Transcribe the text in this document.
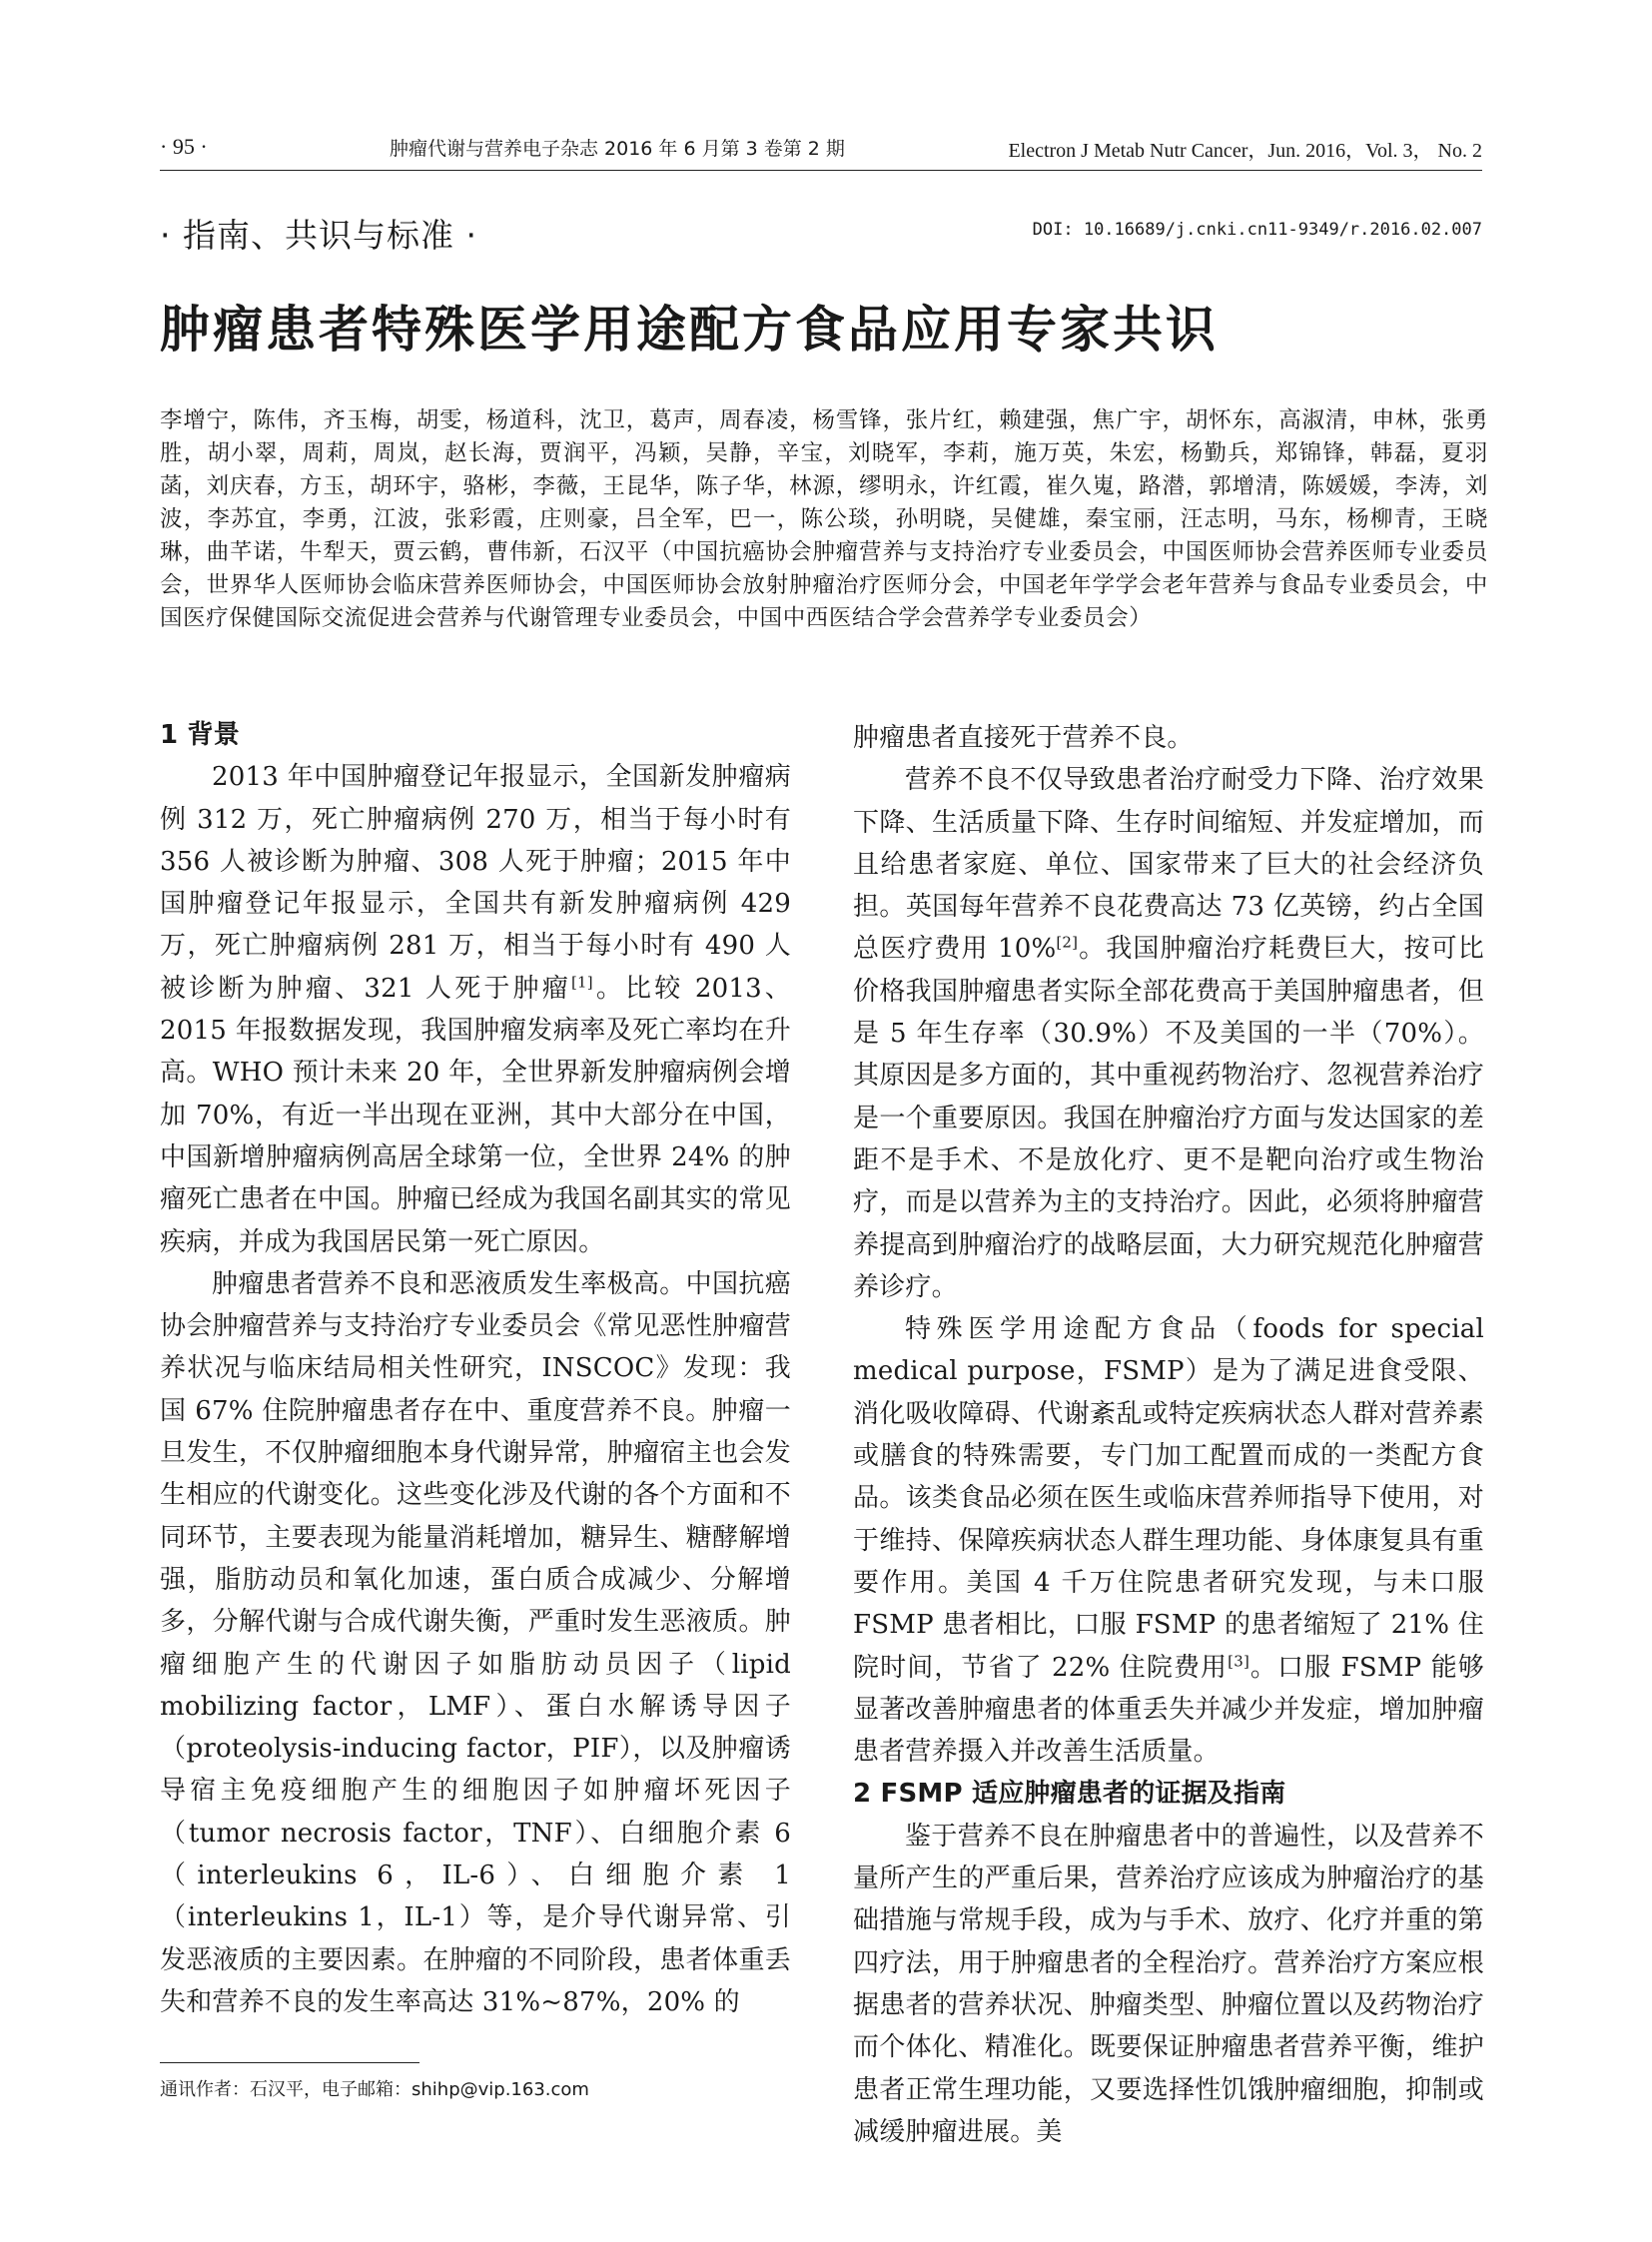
· 95 ·	肿瘤代谢与营养电子杂志 2016 年 6 月第 3 卷第 2 期	Electron J Metab Nutr Cancer，Jun. 2016，Vol. 3， No. 2
· 指南、共识与标准 ·	DOI: 10.16689/j.cnki.cn11-9349/r.2016.02.007
肿瘤患者特殊医学用途配方食品应用专家共识
李增宁，陈伟，齐玉梅，胡雯，杨道科，沈卫，葛声，周春凌，杨雪锋，张片红，赖建强，焦广宇，胡怀东，高淑清，申林，张勇胜，胡小翠，周莉，周岚，赵长海，贾润平，冯颖，吴静，辛宝，刘晓军，李莉，施万英，朱宏，杨勤兵，郑锦锋，韩磊，夏羽菡，刘庆春，方玉，胡环宇，骆彬，李薇，王昆华，陈子华，林源，缪明永，许红霞，崔久嵬，路潜，郭增清，陈媛媛，李涛，刘波，李苏宜，李勇，江波，张彩霞，庄则豪，吕全军，巴一，陈公琰，孙明晓，吴健雄，秦宝丽，汪志明，马东，杨柳青，王晓琳，曲芊诺，牛犁天，贾云鹤，曹伟新，石汉平（中国抗癌协会肿瘤营养与支持治疗专业委员会，中国医师协会营养医师专业委员会，世界华人医师协会临床营养医师协会，中国医师协会放射肿瘤治疗医师分会，中国老年学学会老年营养与食品专业委员会，中国医疗保健国际交流促进会营养与代谢管理专业委员会，中国中西医结合学会营养学专业委员会）
1 背景

2013 年中国肿瘤登记年报显示，全国新发肿瘤病例 312 万，死亡肿瘤病例 270 万，相当于每小时有 356 人被诊断为肿瘤、308 人死于肿瘤；2015 年中国肿瘤登记年报显示，全国共有新发肿瘤病例 429 万，死亡肿瘤病例 281 万，相当于每小时有 490 人被诊断为肿瘤、321 人死于肿瘤[1]。比较 2013、2015 年报数据发现，我国肿瘤发病率及死亡率均在升高。WHO 预计未来 20 年，全世界新发肿瘤病例会增加 70%，有近一半出现在亚洲，其中大部分在中国，中国新增肿瘤病例高居全球第一位，全世界 24% 的肿瘤死亡患者在中国。肿瘤已经成为我国名副其实的常见疾病，并成为我国居民第一死亡原因。

肿瘤患者营养不良和恶液质发生率极高。中国抗癌协会肿瘤营养与支持治疗专业委员会《常见恶性肿瘤营养状况与临床结局相关性研究，INSCOC》发现：我国 67% 住院肿瘤患者存在中、重度营养不良。肿瘤一旦发生，不仅肿瘤细胞本身代谢异常，肿瘤宿主也会发生相应的代谢变化。这些变化涉及代谢的各个方面和不同环节，主要表现为能量消耗增加，糖异生、糖酵解增强，脂肪动员和氧化加速，蛋白质合成减少、分解增多，分解代谢与合成代谢失衡，严重时发生恶液质。肿瘤细胞产生的代谢因子如脂肪动员因子（lipid mobilizing factor，LMF）、蛋白水解诱导因子（proteolysis-inducing factor，PIF），以及肿瘤诱导宿主免疫细胞产生的细胞因子如肿瘤坏死因子（tumor necrosis factor，TNF）、白细胞介素 6（interleukins 6，IL-6）、白细胞介素 1（interleukins 1，IL-1）等，是介导代谢异常、引发恶液质的主要因素。在肿瘤的不同阶段，患者体重丢失和营养不良的发生率高达 31%~87%，20% 的

肿瘤患者直接死于营养不良。

营养不良不仅导致患者治疗耐受力下降、治疗效果下降、生活质量下降、生存时间缩短、并发症增加，而且给患者家庭、单位、国家带来了巨大的社会经济负担。英国每年营养不良花费高达 73 亿英镑，约占全国总医疗费用 10%[2]。我国肿瘤治疗耗费巨大，按可比价格我国肿瘤患者实际全部花费高于美国肿瘤患者，但是 5 年生存率（30.9%）不及美国的一半（70%）。其原因是多方面的，其中重视药物治疗、忽视营养治疗是一个重要原因。我国在肿瘤治疗方面与发达国家的差距不是手术、不是放化疗、更不是靶向治疗或生物治疗，而是以营养为主的支持治疗。因此，必须将肿瘤营养提高到肿瘤治疗的战略层面，大力研究规范化肿瘤营养诊疗。

特殊医学用途配方食品（foods for special medical purpose，FSMP）是为了满足进食受限、消化吸收障碍、代谢紊乱或特定疾病状态人群对营养素或膳食的特殊需要，专门加工配置而成的一类配方食品。该类食品必须在医生或临床营养师指导下使用，对于维持、保障疾病状态人群生理功能、身体康复具有重要作用。美国 4 千万住院患者研究发现，与未口服 FSMP 患者相比，口服 FSMP 的患者缩短了 21% 住院时间，节省了 22% 住院费用[3]。口服 FSMP 能够显著改善肿瘤患者的体重丢失并减少并发症，增加肿瘤患者营养摄入并改善生活质量。

2 FSMP 适应肿瘤患者的证据及指南

鉴于营养不良在肿瘤患者中的普遍性，以及营养不量所产生的严重后果，营养治疗应该成为肿瘤治疗的基础措施与常规手段，成为与手术、放疗、化疗并重的第四疗法，用于肿瘤患者的全程治疗。营养治疗方案应根据患者的营养状况、肿瘤类型、肿瘤位置以及药物治疗而个体化、精准化。既要保证肿瘤患者营养平衡，维护患者正常生理功能，又要选择性饥饿肿瘤细胞，抑制或减缓肿瘤进展。美

通讯作者：石汉平，电子邮箱：shihp@vip.163.com
